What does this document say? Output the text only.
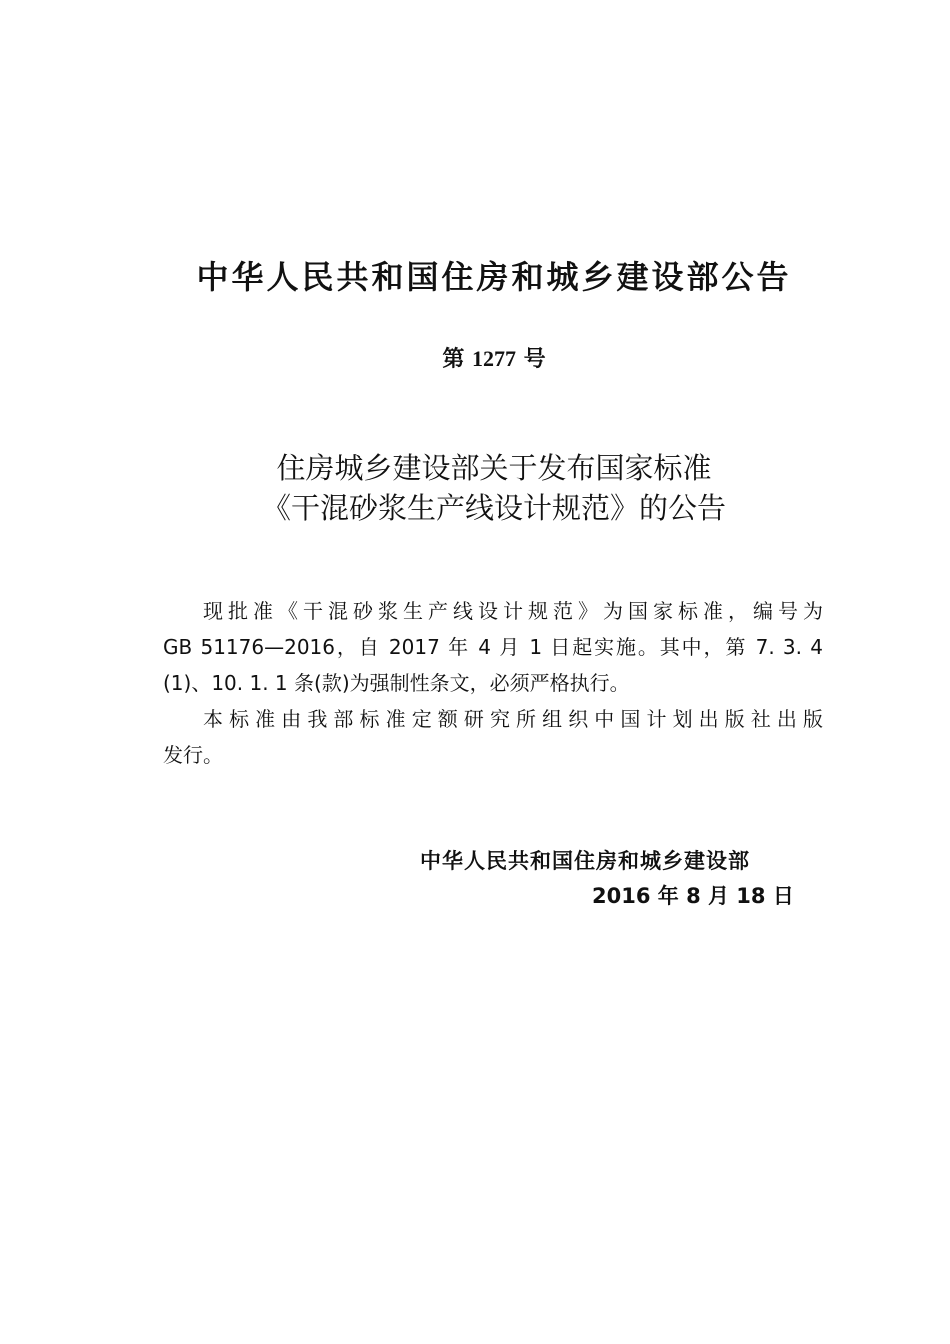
中华人民共和国住房和城乡建设部公告
第 1277 号
住房城乡建设部关于发布国家标准
《干混砂浆生产线设计规范》的公告
现批准《干混砂浆生产线设计规范》为国家标准，编号为
GB 51176—2016，自 2017 年 4 月 1 日起实施。其中，第 7. 3. 4
(1)、10. 1. 1 条(款)为强制性条文，必须严格执行。
本标准由我部标准定额研究所组织中国计划出版社出版
发行。
中华人民共和国住房和城乡建设部
2016 年 8 月 18 日
